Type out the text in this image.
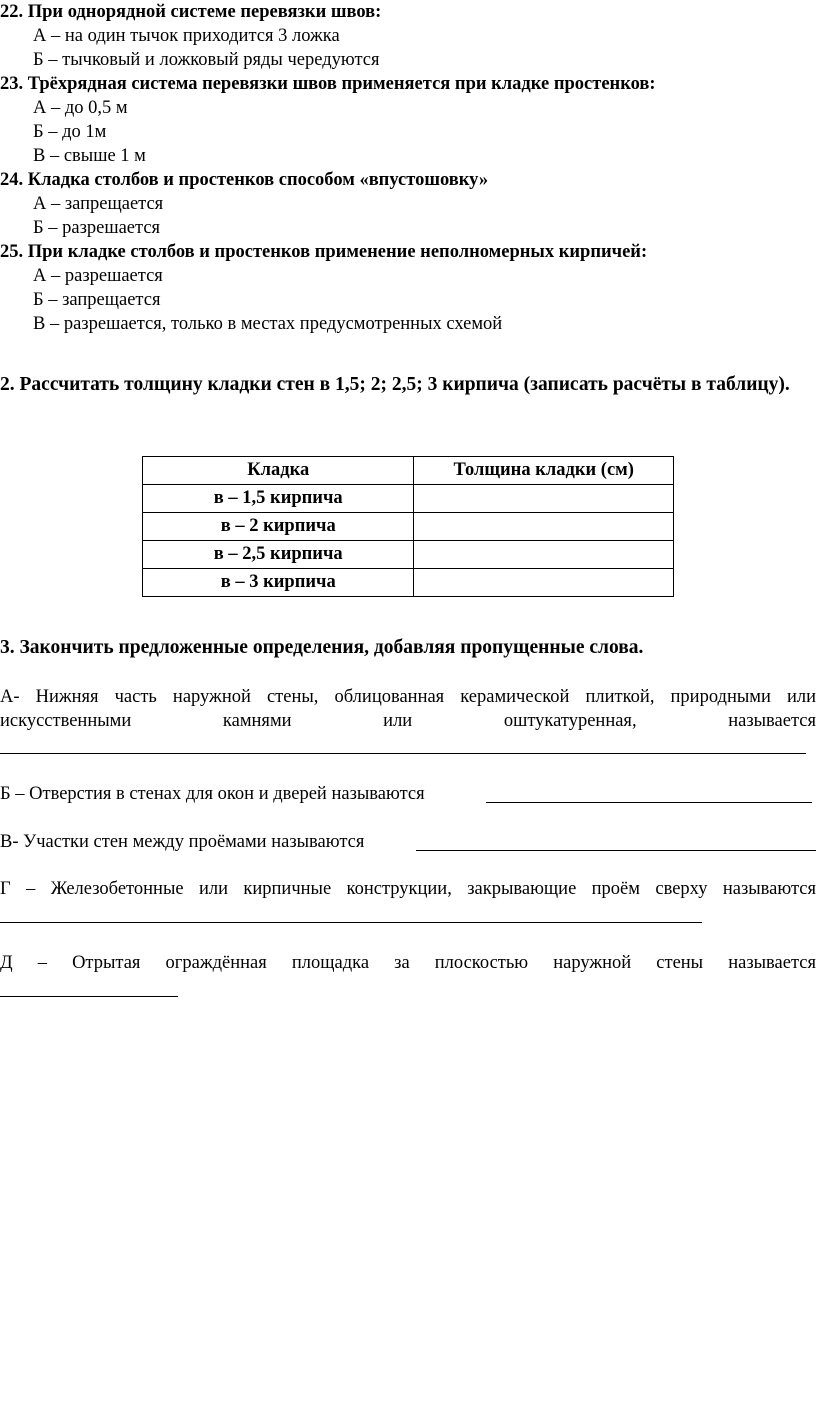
22. При однорядной системе перевязки швов:
А – на один тычок приходится 3 ложка
Б – тычковый и ложковый ряды чередуются
23. Трёхрядная система перевязки швов применяется при кладке простенков:
А – до 0,5 м
Б – до 1м
В – свыше 1 м
24. Кладка столбов и простенков способом «впустошовку»
А – запрещается
Б – разрешается
25. При кладке столбов и простенков применение неполномерных кирпичей:
А – разрешается
Б – запрещается
В – разрешается, только в местах предусмотренных схемой
2. Рассчитать толщину кладки стен в 1,5; 2; 2,5; 3 кирпича (записать расчёты в таблицу).
Кладка	Толщина кладки (см)
в – 1,5 кирпича	
в – 2 кирпича	
в – 2,5 кирпича	
в – 3 кирпича	
3. Закончить предложенные определения, добавляя пропущенные слова.
А- Нижняя часть наружной стены, облицованная керамической плиткой, природными или
искусственными камнями или оштукатуренная, называется
Б – Отверстия в стенах для окон и дверей называются
В- Участки стен между проёмами называются
Г – Железобетонные или кирпичные конструкции, закрывающие проём сверху называются
Д – Отрытая ограждённая площадка за плоскостью наружной стены называется
